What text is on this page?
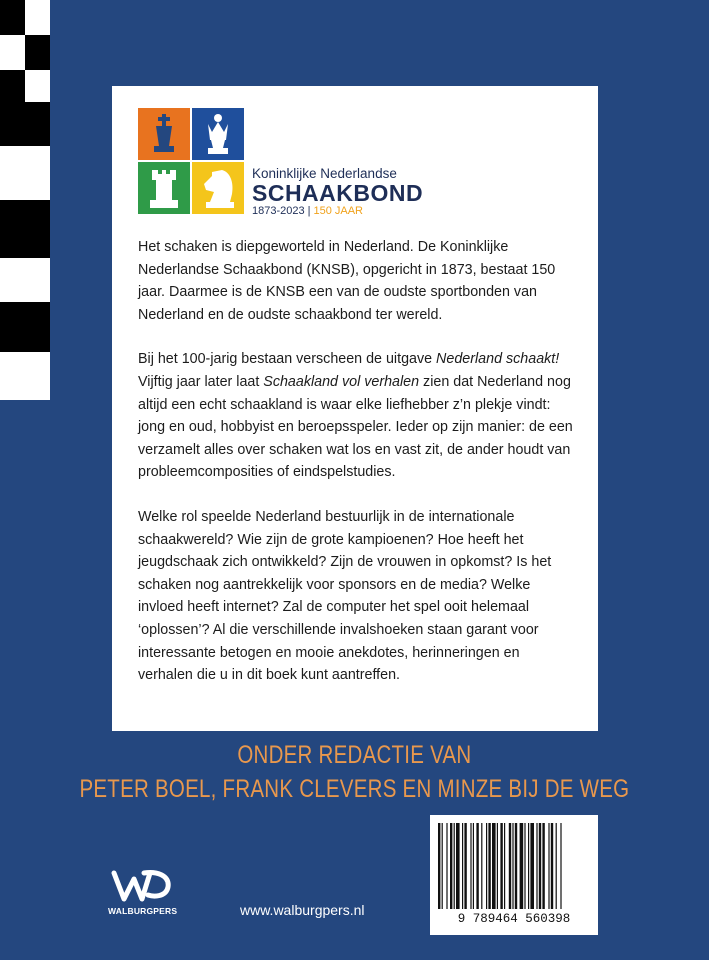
Koninklijke Nederlandse
SCHAAKBOND
1873-2023 | 150 JAAR

Het schaken is diepgeworteld in Nederland. De Koninklijke Nederlandse Schaakbond (KNSB), opgericht in 1873, bestaat 150 jaar. Daarmee is de KNSB een van de oudste sportbonden van Nederland en de oudste schaakbond ter wereld.

Bij het 100-jarig bestaan verscheen de uitgave Nederland schaakt! Vijftig jaar later laat Schaakland vol verhalen zien dat Nederland nog altijd een echt schaakland is waar elke liefhebber z’n plekje vindt: jong en oud, hobbyist en beroepsspeler. Ieder op zijn manier: de een verzamelt alles over schaken wat los en vast zit, de ander houdt van probleemcomposities of eindspelstudies.

Welke rol speelde Nederland bestuurlijk in de internationale schaakwereld? Wie zijn de grote kampioenen? Hoe heeft het jeugdschaak zich ontwikkeld? Zijn de vrouwen in opkomst? Is het schaken nog aantrekkelijk voor sponsors en de media? Welke invloed heeft internet? Zal de computer het spel ooit helemaal ‘oplossen’? Al die verschillende invalshoeken staan garant voor interessante betogen en mooie anekdotes, herinneringen en verhalen die u in dit boek kunt aantreffen.

ONDER REDACTIE VAN
PETER BOEL, FRANK CLEVERS EN MINZE BIJ DE WEG
9 789464 560398
WALBURGPERS	www.walburgpers.nl
